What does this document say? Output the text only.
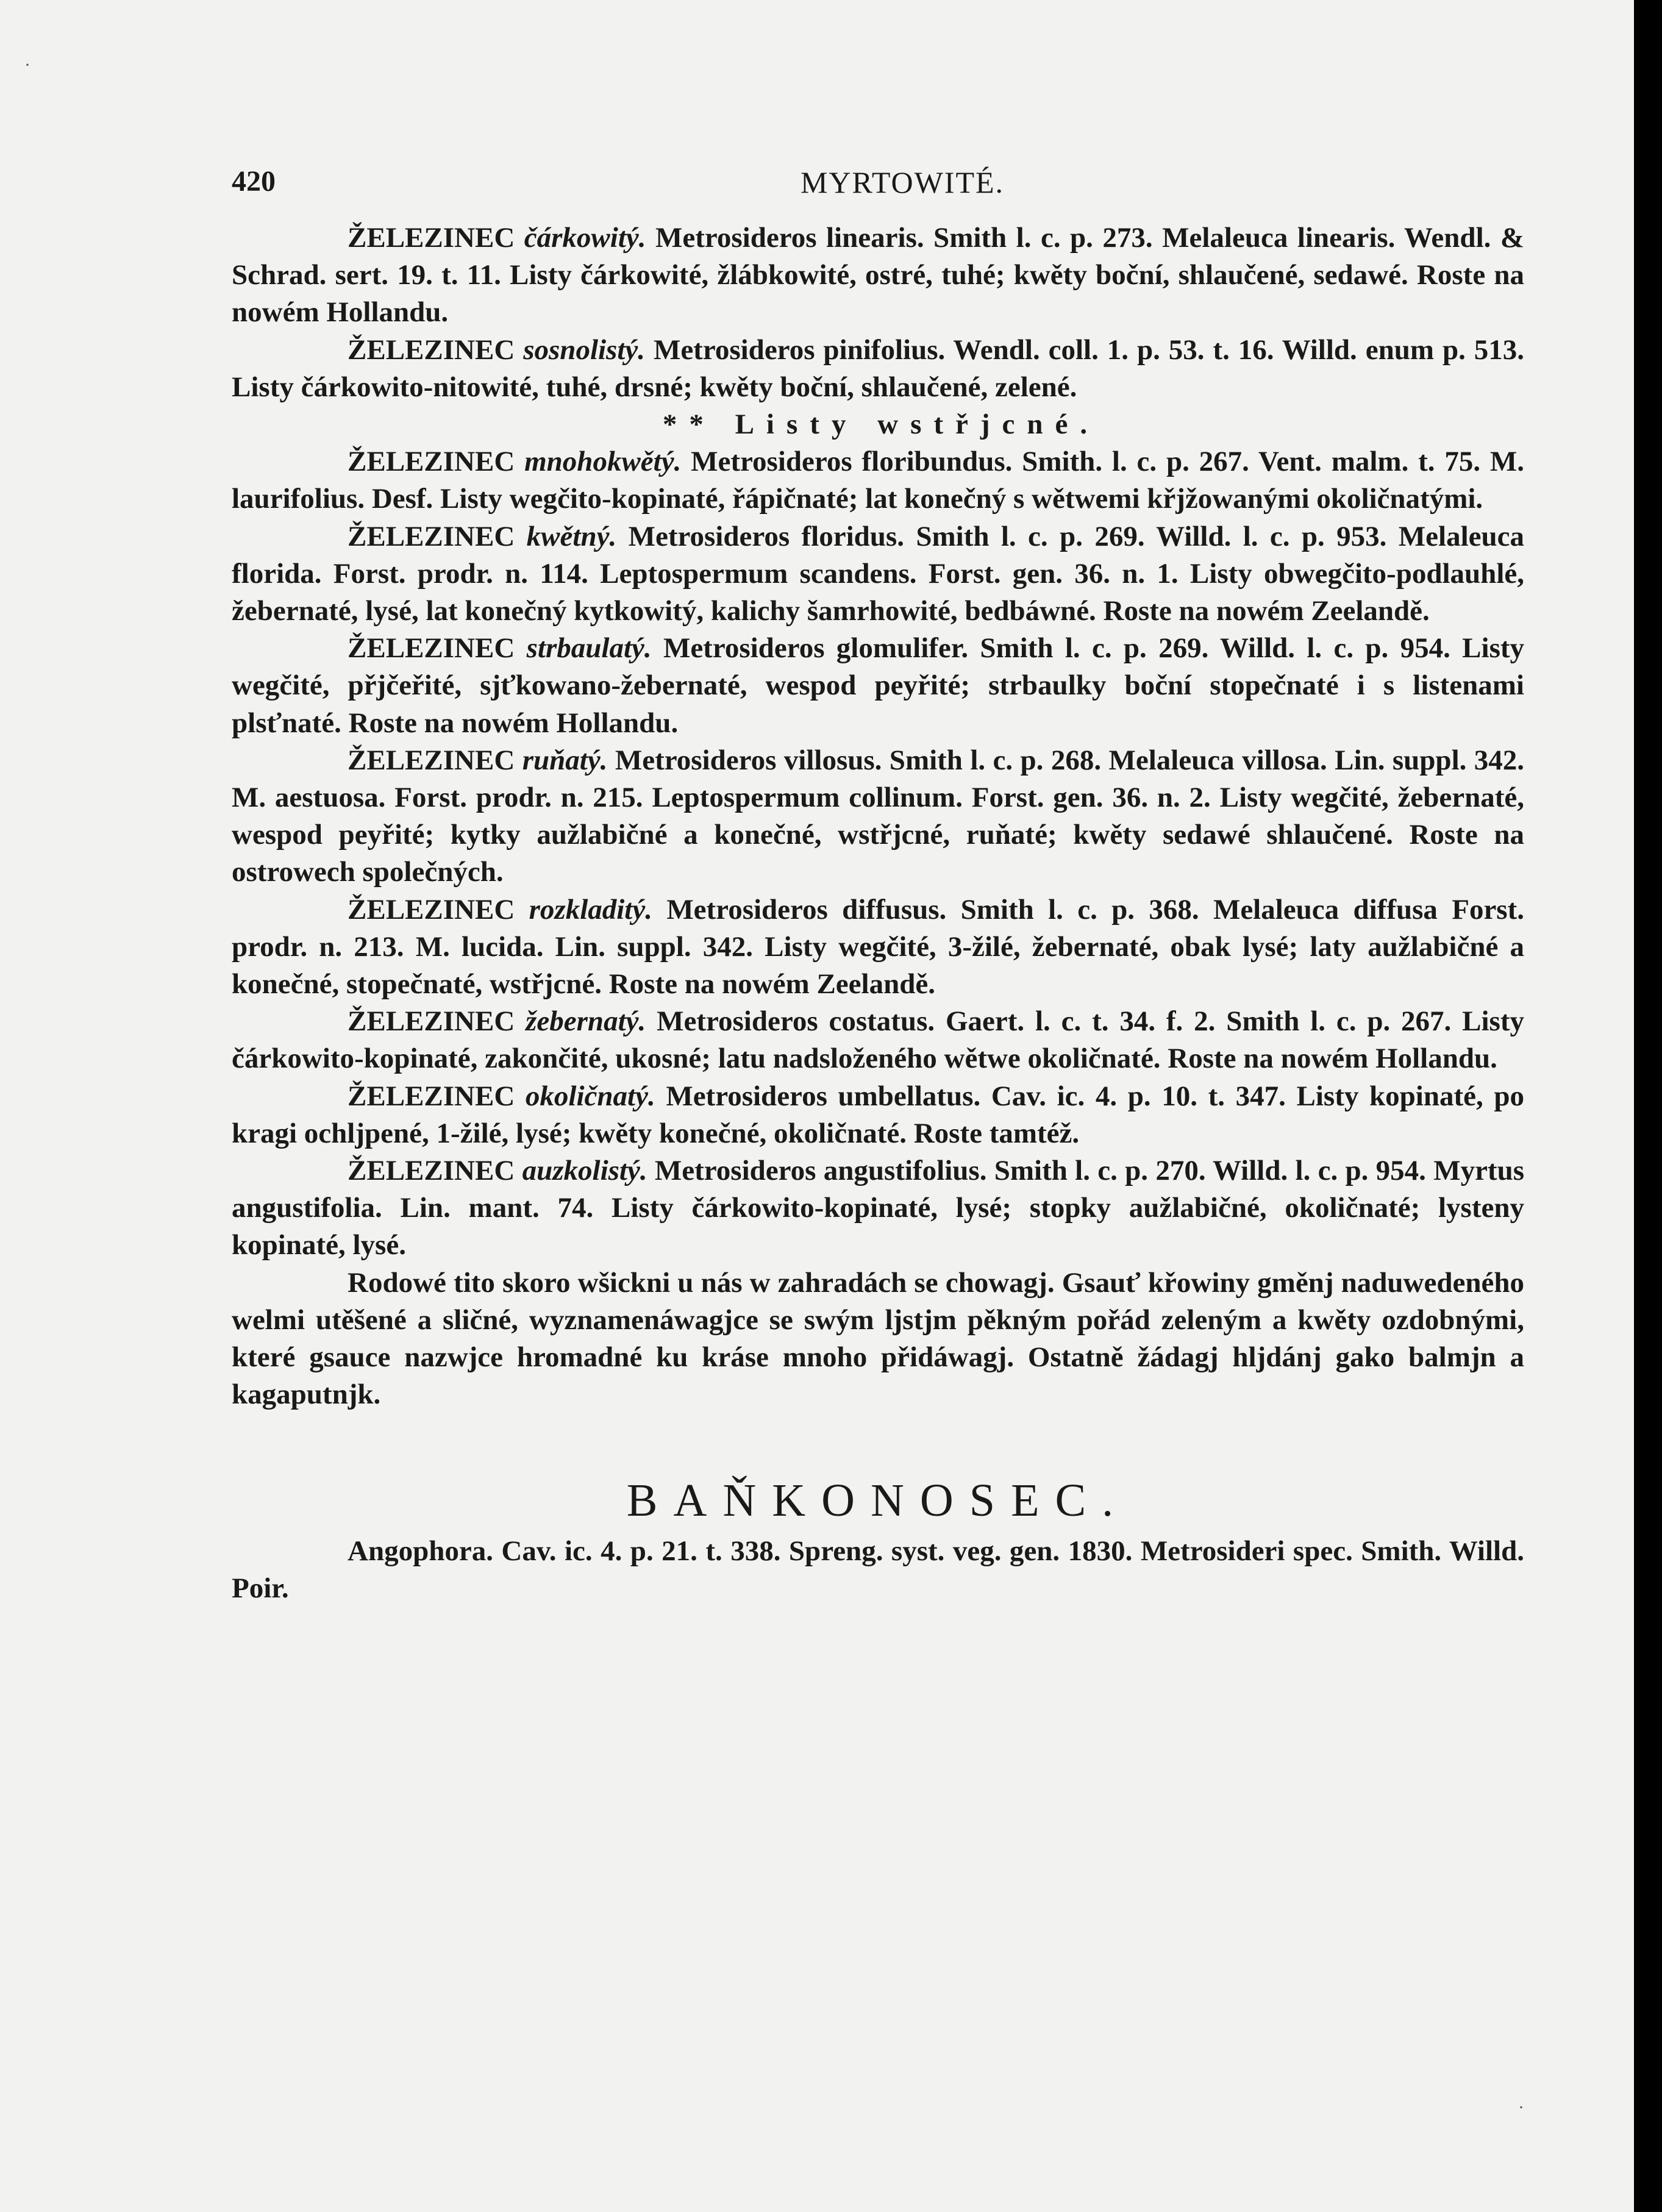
420	MYRTOWITÉ.

ŽELEZINEC čárkowitý. Metrosideros linearis. Smith l. c. p. 273. Melaleuca linearis. Wendl. & Schrad. sert. 19. t. 11. Listy čárkowité, žlábkowité, ostré, tuhé; kwěty boční, shlaučené, sedawé. Roste na nowém Hollandu.

ŽELEZINEC sosnolistý. Metrosideros pinifolius. Wendl. coll. 1. p. 53. t. 16. Willd. enum p. 513. Listy čárkowito-nitowité, tuhé, drsné; kwěty boční, shlaučené, zelené.

** Listy wstřjcné.

ŽELEZINEC mnohokwětý. Metrosideros floribundus. Smith. l. c. p. 267. Vent. malm. t. 75. M. laurifolius. Desf. Listy wegčito-kopinaté, řápičnaté; lat konečný s wětwemi křjžowanými okoličnatými.

ŽELEZINEC kwětný. Metrosideros floridus. Smith l. c. p. 269. Willd. l. c. p. 953. Melaleuca florida. Forst. prodr. n. 114. Leptospermum scandens. Forst. gen. 36. n. 1. Listy obwegčito-podlauhlé, žebernaté, lysé, lat konečný kytkowitý, kalichy šamrhowité, bedbáwné. Roste na nowém Zeelandě.

ŽELEZINEC strbaulatý. Metrosideros glomulifer. Smith l. c. p. 269. Willd. l. c. p. 954. Listy wegčité, přjčeřité, sjťkowano-žebernaté, wespod peyřité; strbaulky boční stopečnaté i s listenami plsťnaté. Roste na nowém Hollandu.

ŽELEZINEC ruňatý. Metrosideros villosus. Smith l. c. p. 268. Melaleuca villosa. Lin. suppl. 342. M. aestuosa. Forst. prodr. n. 215. Leptospermum collinum. Forst. gen. 36. n. 2. Listy wegčité, žebernaté, wespod peyřité; kytky aužlabičné a konečné, wstřjcné, ruňaté; kwěty sedawé shlaučené. Roste na ostrowech společných.

ŽELEZINEC rozkladitý. Metrosideros diffusus. Smith l. c. p. 368. Melaleuca diffusa Forst. prodr. n. 213. M. lucida. Lin. suppl. 342. Listy wegčité, 3-žilé, žebernaté, obak lysé; laty aužlabičné a konečné, stopečnaté, wstřjcné. Roste na nowém Zeelandě.

ŽELEZINEC žebernatý. Metrosideros costatus. Gaert. l. c. t. 34. f. 2. Smith l. c. p. 267. Listy čárkowito-kopinaté, zakončité, ukosné; latu nadsloženého wětwe okoličnaté. Roste na nowém Hollandu.

ŽELEZINEC okoličnatý. Metrosideros umbellatus. Cav. ic. 4. p. 10. t. 347. Listy kopinaté, po kragi ochljpené, 1-žilé, lysé; kwěty konečné, okoličnaté. Roste tamtéž.

ŽELEZINEC auzkolistý. Metrosideros angustifolius. Smith l. c. p. 270. Willd. l. c. p. 954. Myrtus angustifolia. Lin. mant. 74. Listy čárkowito-kopinaté, lysé; stopky aužlabičné, okoličnaté; lysteny kopinaté, lysé.

Rodowé tito skoro wšickni u nás w zahradách se chowagj. Gsauť křowiny gměnj naduwedeného welmi utěšené a sličné, wyznamenáwagjce se swým ljstjm pěkným pořád zeleným a kwěty ozdobnými, které gsauce nazwjce hromadné ku kráse mnoho přidáwagj. Ostatně žádagj hljdánj gako balmjn a kagaputnjk.

BAŇKONOSEC.

Angophora. Cav. ic. 4. p. 21. t. 338. Spreng. syst. veg. gen. 1830. Metrosideri spec. Smith. Willd. Poir.

·
·
